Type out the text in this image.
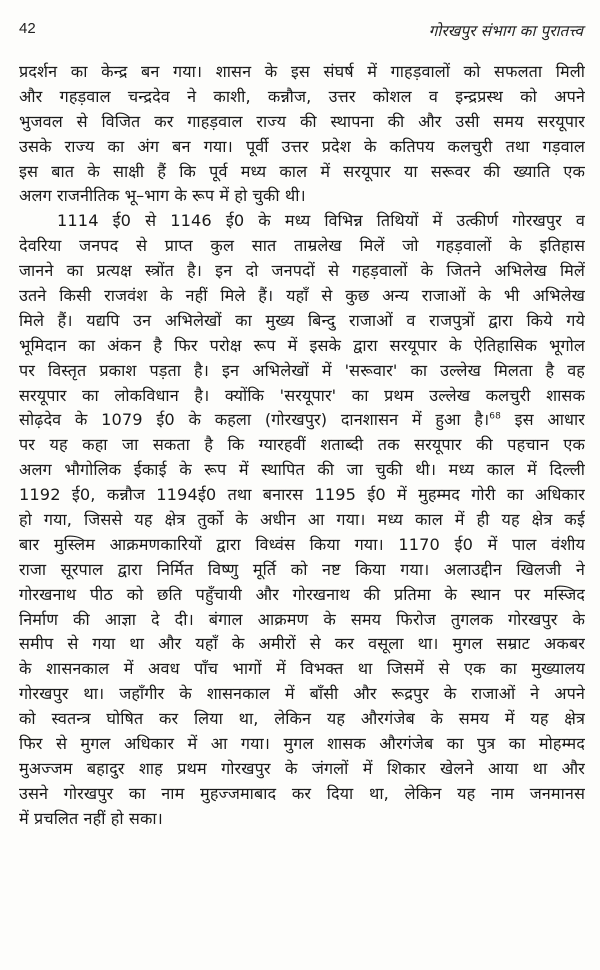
42	गोरखपुर संभाग का पुरातत्त्व
प्रदर्शन का केन्द्र बन गया। शासन के इस संघर्ष में गाहड़वालों को सफलता मिली
और गहड़वाल चन्द्रदेव ने काशी, कन्नौज, उत्तर कोशल व इन्द्रप्रस्थ को अपने
भुजवल से विजित कर गाहड़वाल राज्य की स्थापना की और उसी समय सरयूपार
उसके राज्य का अंग बन गया। पूर्वी उत्तर प्रदेश के कतिपय कलचुरी तथा गड़वाल
इस बात के साक्षी हैं कि पूर्व मध्य काल में सरयूपार या सरूवर की ख्याति एक
अलग राजनीतिक भू–भाग के रूप में हो चुकी थी।
1114 ई0 से 1146 ई0 के मध्य विभिन्न तिथियों में उत्कीर्ण गोरखपुर व
देवरिया जनपद से प्राप्त कुल सात ताम्रलेख मिलें जो गहड़वालों के इतिहास
जानने का प्रत्यक्ष स्त्रोंत है। इन दो जनपदों से गहड़वालों के जितने अभिलेख मिलें
उतने किसी राजवंश के नहीं मिले हैं। यहाँ से कुछ अन्य राजाओं के भी अभिलेख
मिले हैं। यद्यपि उन अभिलेखों का मुख्य बिन्दु राजाओं व राजपुत्रों द्वारा किये गये
भूमिदान का अंकन है फिर परोक्ष रूप में इसके द्वारा सरयूपार के ऐतिहासिक भूगोल
पर विस्तृत प्रकाश पड़ता है। इन अभिलेखों में 'सरूवार' का उल्लेख मिलता है वह
सरयूपार का लोकविधान है। क्योंकि 'सरयूपार' का प्रथम उल्लेख कलचुरी शासक
सोढ़देव के 1079 ई0 के कहला (गोरखपुर) दानशासन में हुआ है।$^{68}$ इस आधार
पर यह कहा जा सकता है कि ग्यारहवीं शताब्दी तक सरयूपार की पहचान एक
अलग भौगोलिक ईकाई के रूप में स्थापित की जा चुकी थी। मध्य काल में दिल्ली
1192 ई0, कन्नौज 1194ई0 तथा बनारस 1195 ई0 में मुहम्मद गोरी का अधिकार
हो गया, जिससे यह क्षेत्र तुर्को के अधीन आ गया। मध्य काल में ही यह क्षेत्र कई
बार मुस्लिम आक्रमणकारियों द्वारा विध्वंस किया गया। 1170 ई0 में पाल वंशीय
राजा सूरपाल द्वारा निर्मित विष्णु मूर्ति को नष्ट किया गया। अलाउद्दीन खिलजी ने
गोरखनाथ पीठ को छति पहुँचायी और गोरखनाथ की प्रतिमा के स्थान पर मस्जिद
निर्माण की आज्ञा दे दी। बंगाल आक्रमण के समय फिरोज तुगलक गोरखपुर के
समीप से गया था और यहाँ के अमीरों से कर वसूला था। मुगल सम्राट अकबर
के शासनकाल में अवध पाँच भागों में विभक्त था जिसमें से एक का मुख्यालय
गोरखपुर था। जहाँगीर के शासनकाल में बाँसी और रूद्रपुर के राजाओं ने अपने
को स्वतन्त्र घोषित कर लिया था, लेकिन यह औरगंजेब के समय में यह क्षेत्र
फिर से मुगल अधिकार में आ गया। मुगल शासक औरगंजेब का पुत्र का मोहम्मद
मुअज्जम बहादुर शाह प्रथम गोरखपुर के जंगलों में शिकार खेलने आया था और
उसने गोरखपुर का नाम मुहज्जमाबाद कर दिया था, लेकिन यह नाम जनमानस
में प्रचलित नहीं हो सका।
